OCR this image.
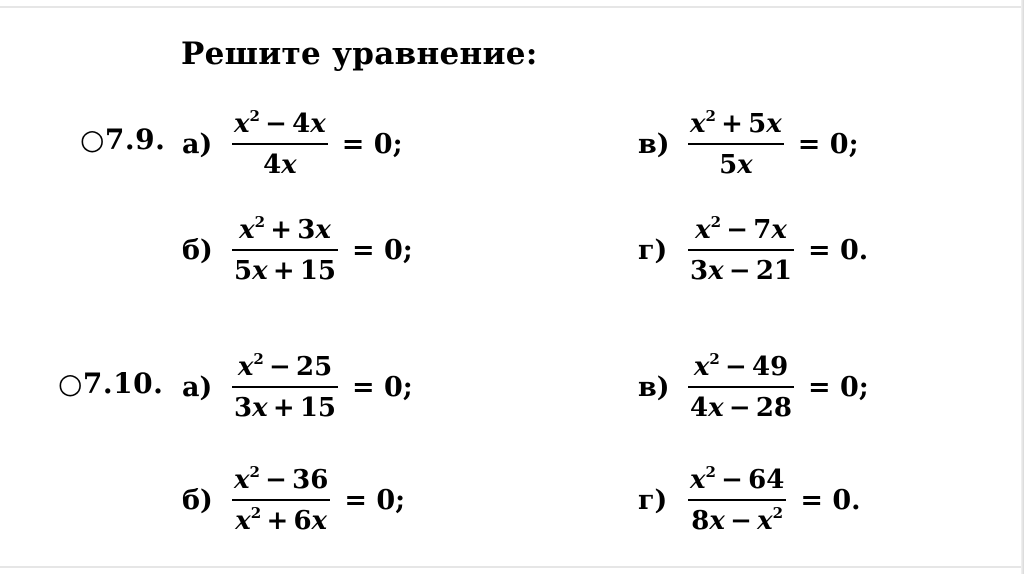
Решите уравнение:
○7.9. $а) \frac{x^2 - 4x}{4x} = 0$;
$б) \frac{x^2 + 3x}{5x + 15} = 0$;
$в) \frac{x^2 + 5x}{5x} = 0$;
$г) \frac{x^2 - 7x}{3x - 21} = 0$.
○7.10. $а) \frac{x^2 - 25}{3x + 15} = 0$;
$б) \frac{x^2 - 36}{x^2 + 6x} = 0$;
$в) \frac{x^2 - 49}{4x - 28} = 0$;
$г) \frac{x^2 - 64}{8x - x^2} = 0$.
